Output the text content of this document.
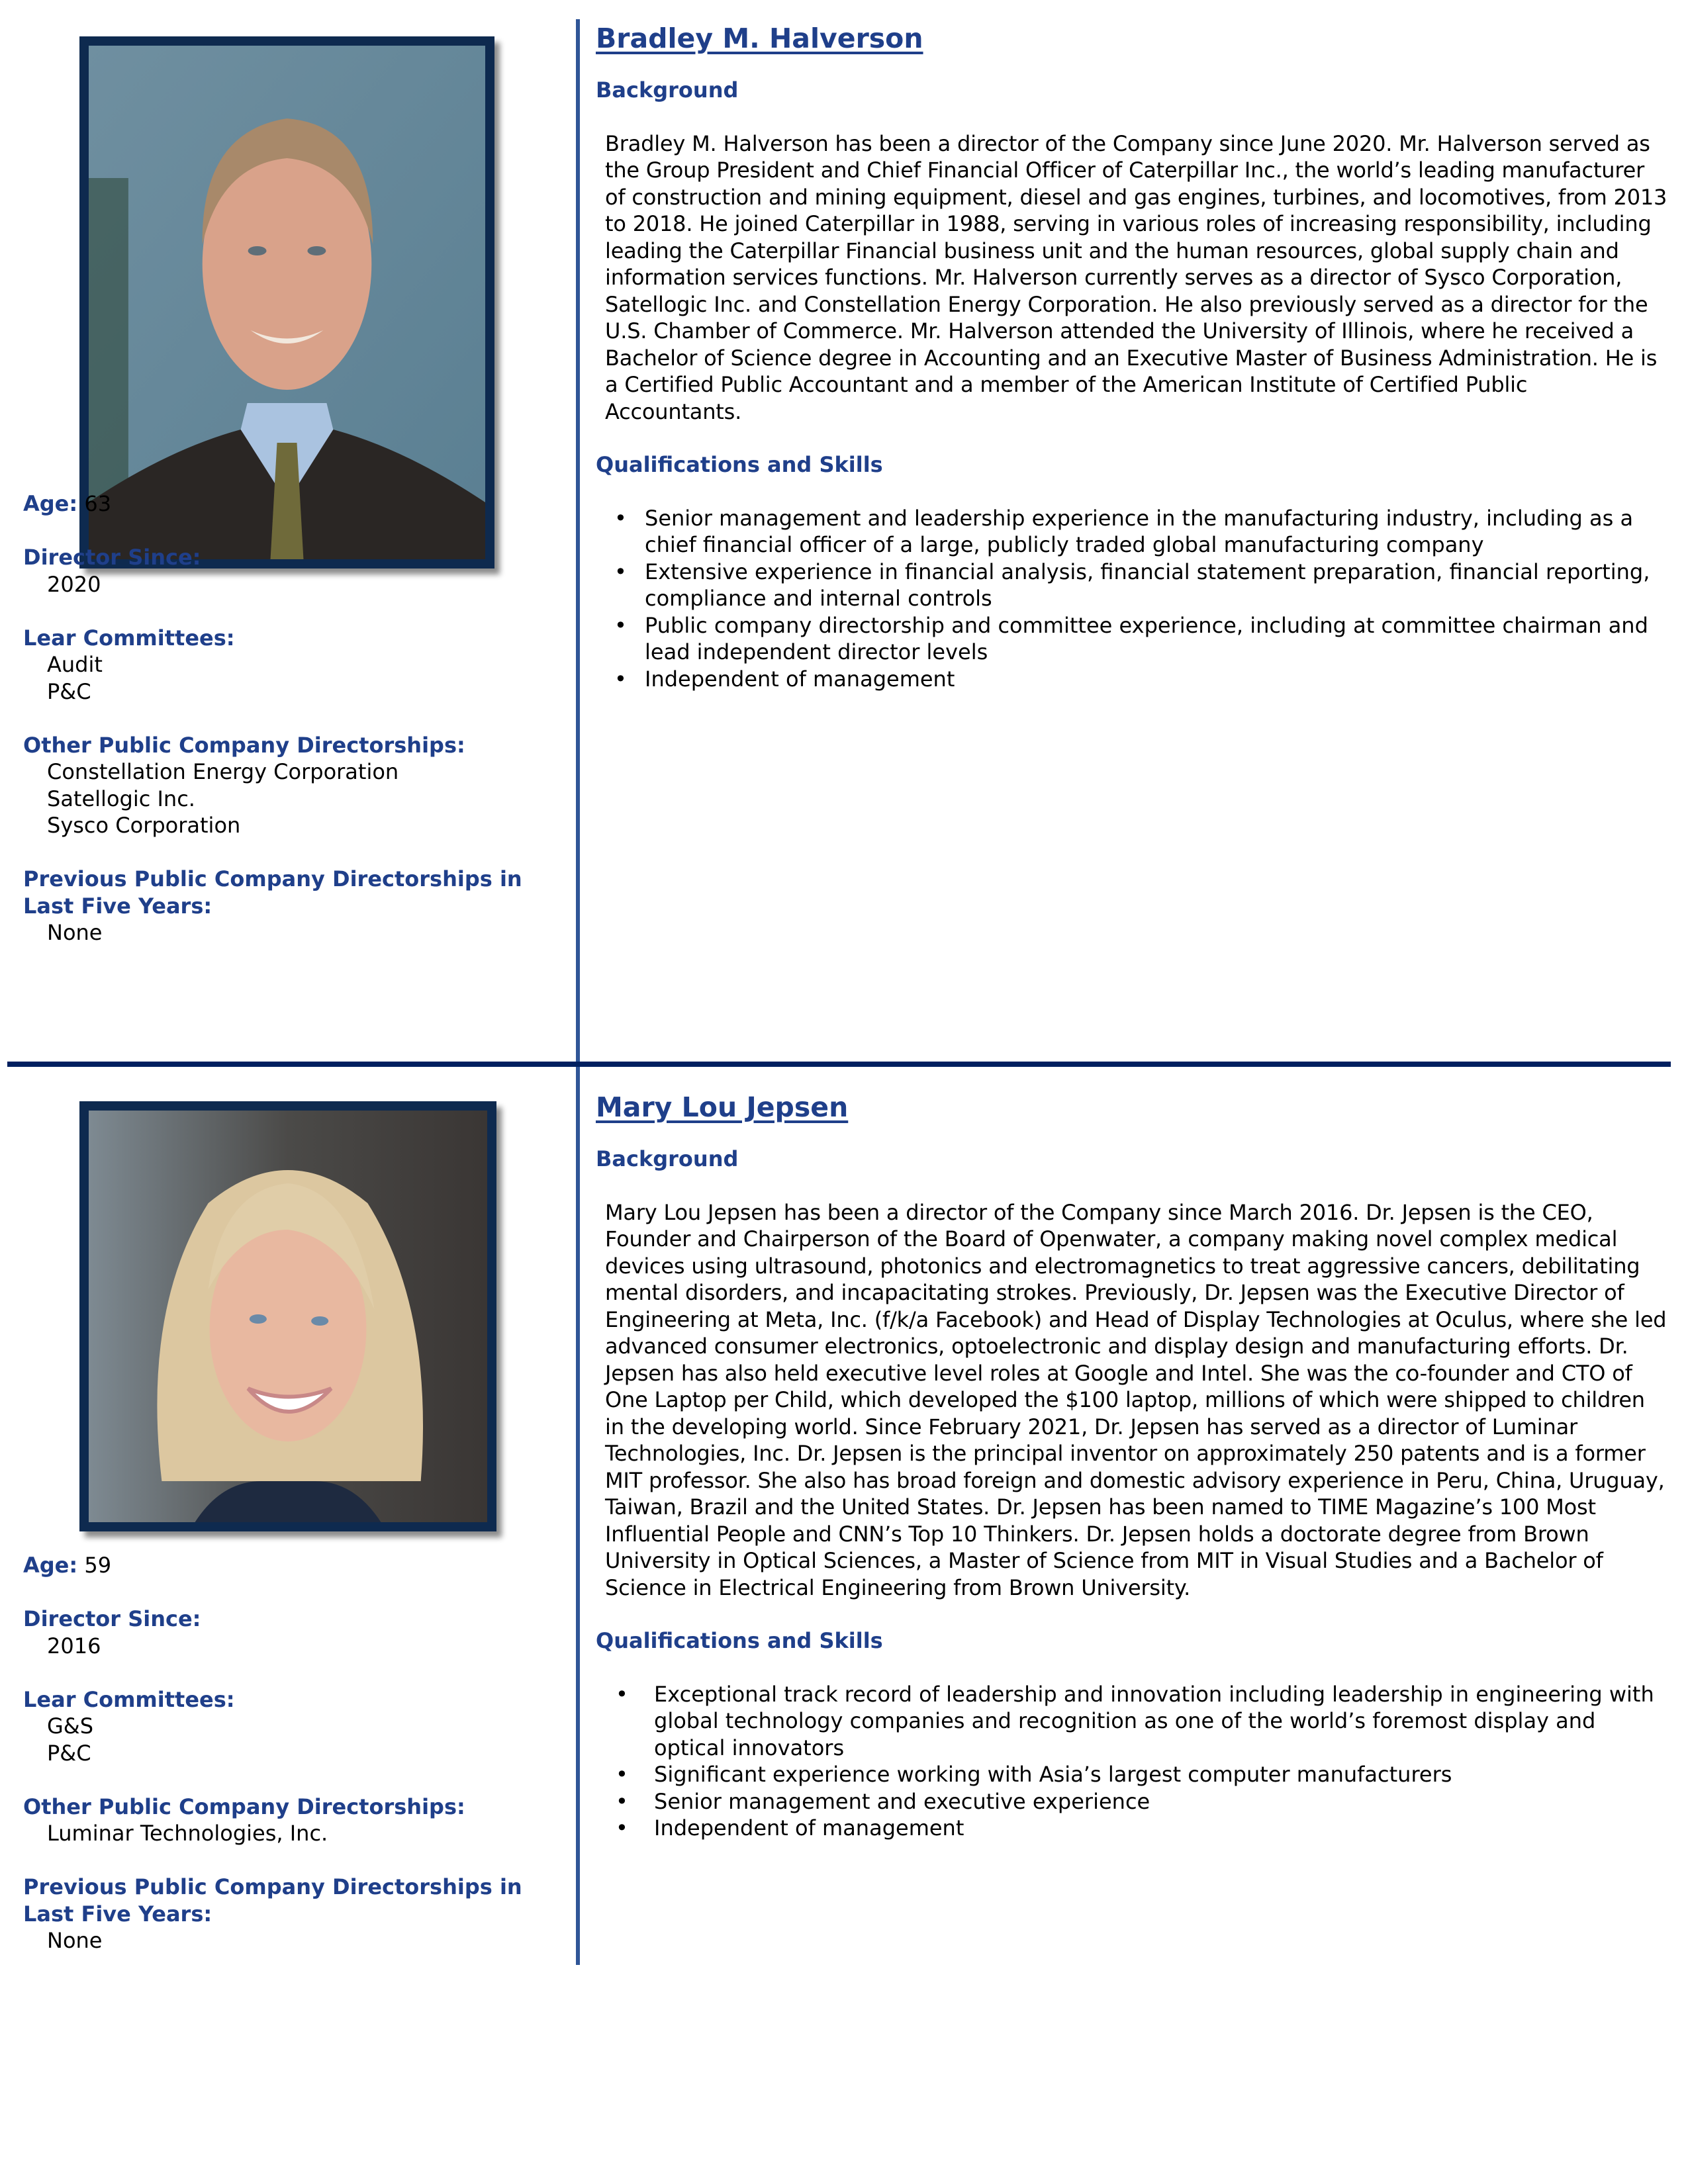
Age: 63
Director Since:
2020
Lear Committees:
Audit
P&C
Other Public Company Directorships:
Constellation Energy Corporation
Satellogic Inc.
Sysco Corporation
Previous Public Company Directorships in Last Five Years:
None
Bradley M. Halverson
Background

Bradley M. Halverson has been a director of the Company since June 2020. Mr. Halverson served as the Group President and Chief Financial Officer of Caterpillar Inc., the world’s leading manufacturer of construction and mining equipment, diesel and gas engines, turbines, and locomotives, from 2013 to 2018. He joined Caterpillar in 1988, serving in various roles of increasing responsibility, including leading the Caterpillar Financial business unit and the human resources, global supply chain and information services functions. Mr. Halverson currently serves as a director of Sysco Corporation, Satellogic Inc. and Constellation Energy Corporation. He also previously served as a director for the U.S. Chamber of Commerce. Mr. Halverson attended the University of Illinois, where he received a Bachelor of Science degree in Accounting and an Executive Master of Business Administration. He is a Certified Public Accountant and a member of the American Institute of Certified Public Accountants.

Qualifications and Skills
• Senior management and leadership experience in the manufacturing industry, including as a chief financial officer of a large, publicly traded global manufacturing company
• Extensive experience in financial analysis, financial statement preparation, financial reporting, compliance and internal controls
• Public company directorship and committee experience, including at committee chairman and lead independent director levels
• Independent of management
Age: 59
Director Since:
2016
Lear Committees:
G&S
P&C
Other Public Company Directorships:
Luminar Technologies, Inc.
Previous Public Company Directorships in Last Five Years:
None
Mary Lou Jepsen
Background

Mary Lou Jepsen has been a director of the Company since March 2016. Dr. Jepsen is the CEO, Founder and Chairperson of the Board of Openwater, a company making novel complex medical devices using ultrasound, photonics and electromagnetics to treat aggressive cancers, debilitating mental disorders, and incapacitating strokes. Previously, Dr. Jepsen was the Executive Director of Engineering at Meta, Inc. (f/k/a Facebook) and Head of Display Technologies at Oculus, where she led advanced consumer electronics, optoelectronic and display design and manufacturing efforts. Dr. Jepsen has also held executive level roles at Google and Intel. She was the co-founder and CTO of One Laptop per Child, which developed the $100 laptop, millions of which were shipped to children in the developing world. Since February 2021, Dr. Jepsen has served as a director of Luminar Technologies, Inc. Dr. Jepsen is the principal inventor on approximately 250 patents and is a former MIT professor. She also has broad foreign and domestic advisory experience in Peru, China, Uruguay, Taiwan, Brazil and the United States. Dr. Jepsen has been named to TIME Magazine’s 100 Most Influential People and CNN’s Top 10 Thinkers. Dr. Jepsen holds a doctorate degree from Brown University in Optical Sciences, a Master of Science from MIT in Visual Studies and a Bachelor of Science in Electrical Engineering from Brown University.

Qualifications and Skills
• Exceptional track record of leadership and innovation including leadership in engineering with global technology companies and recognition as one of the world’s foremost display and optical innovators
• Significant experience working with Asia’s largest computer manufacturers
• Senior management and executive experience
• Independent of management
